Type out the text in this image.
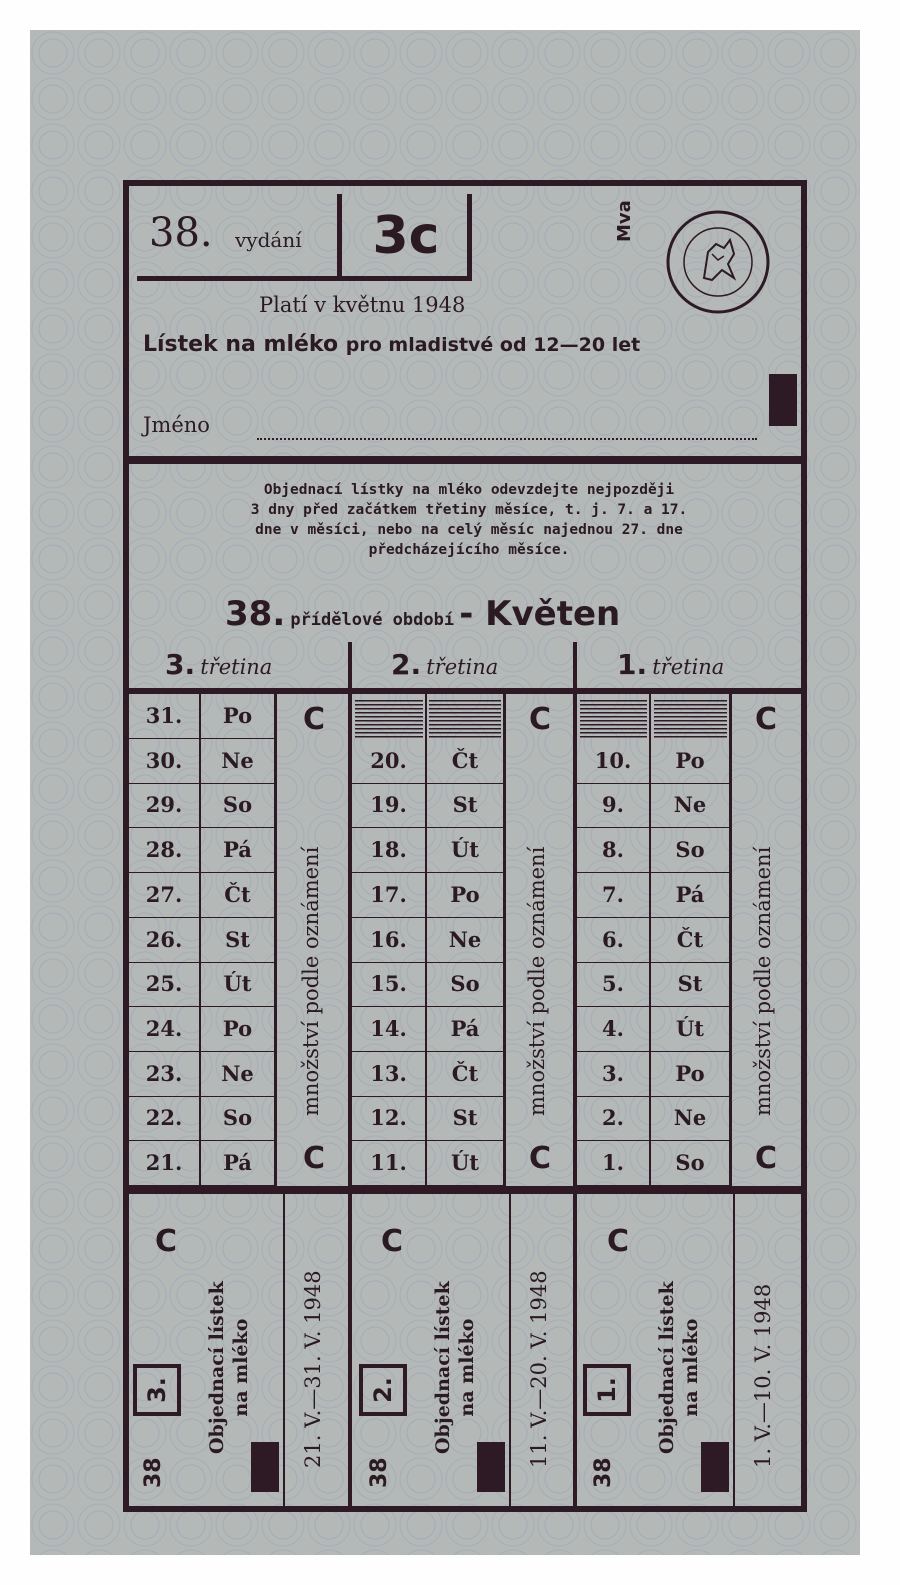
38. vydání	3c	Mva
Platí v květnu 1948
Lístek na mléko pro mladistvé od 12—20 let
Jméno
Objednací lístky na mléko odevzdejte nejpozději
3 dny před začátkem třetiny měsíce, t. j. 7. a 17.
dne v měsíci, nebo na celý měsíc najednou 27. dne
předcházejícího měsíce.
38. přídělové období - Květen
3. třetina	2. třetina	1. třetina
31.	Po
30.	Ne
29.	So
28.	Pá
27.	Čt
26.	St
25.	Út
24.	Po
23.	Ne
22.	So
21.	Pá
20.	Čt
19.	St
18.	Út
17.	Po
16.	Ne
15.	So
14.	Pá
13.	Čt
12.	St
11.	Út
10.	Po
9.	Ne
8.	So
7.	Pá
6.	Čt
5.	St
4.	Út
3.	Po
2.	Ne
1.	So
C
C
množství podle oznámení
C
C
množství podle oznámení
C
C
množství podle oznámení
C
38
3.	Objednací lístek na mléko 21. V.—31. V. 1948
C
38
2.	Objednací lístek na mléko 11. V.—20. V. 1948
C
38
1.	Objednací lístek na mléko 1. V.—10. V. 1948
